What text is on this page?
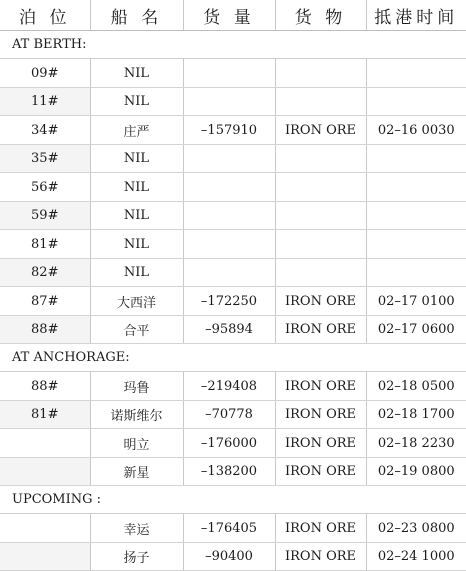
泊 位	船 名	货 量	货 物	抵港时间
AT BERTH:				
09#	NIL			
11#	NIL			
34#	庄严	–157910	IRON ORE	02–16 0030
35#	NIL			
56#	NIL			
59#	NIL			
81#	NIL			
82#	NIL			
87#	大西洋	–172250	IRON ORE	02–17 0100
88#	合平	–95894	IRON ORE	02–17 0600
AT ANCHORAGE:				
88#	玛鲁	–219408	IRON ORE	02–18 0500
81#	诺斯维尔	–70778	IRON ORE	02–18 1700
	明立	–176000	IRON ORE	02–18 2230
	新星	–138200	IRON ORE	02–19 0800
UPCOMING :				
	幸运	–176405	IRON ORE	02–23 0800
	扬子	–90400	IRON ORE	02–24 1000
